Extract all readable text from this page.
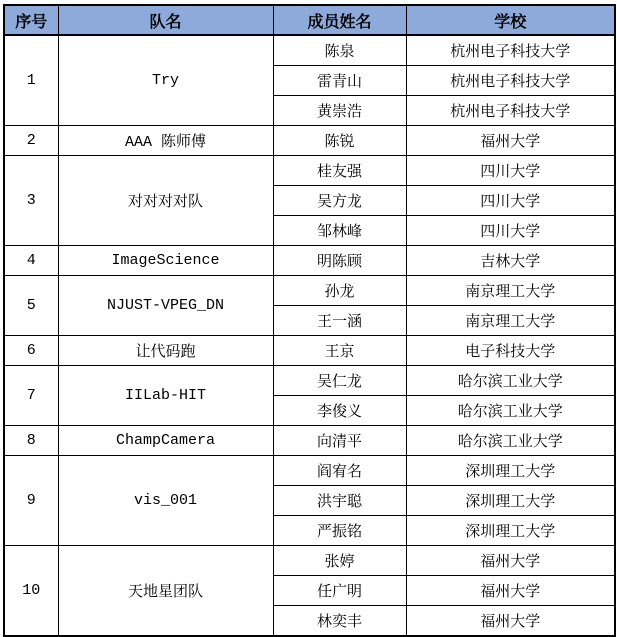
序号	队名	成员姓名	学校
1	Try	陈泉	杭州电子科技大学
		雷青山	杭州电子科技大学
		黄崇浩	杭州电子科技大学
2	AAA 陈师傅	陈锐	福州大学
3	对对对对队	桂友强	四川大学
		吴方龙	四川大学
		邹林峰	四川大学
4	ImageScience	明陈顾	吉林大学
5	NJUST-VPEG_DN	孙龙	南京理工大学
		王一涵	南京理工大学
6	让代码跑	王京	电子科技大学
7	IILab-HIT	吴仁龙	哈尔滨工业大学
		李俊义	哈尔滨工业大学
8	ChampCamera	向清平	哈尔滨工业大学
9	vis_001	阎宥名	深圳理工大学
		洪宇聪	深圳理工大学
		严振铭	深圳理工大学
10	天地星团队	张婷	福州大学
		任广明	福州大学
		林奕丰	福州大学
